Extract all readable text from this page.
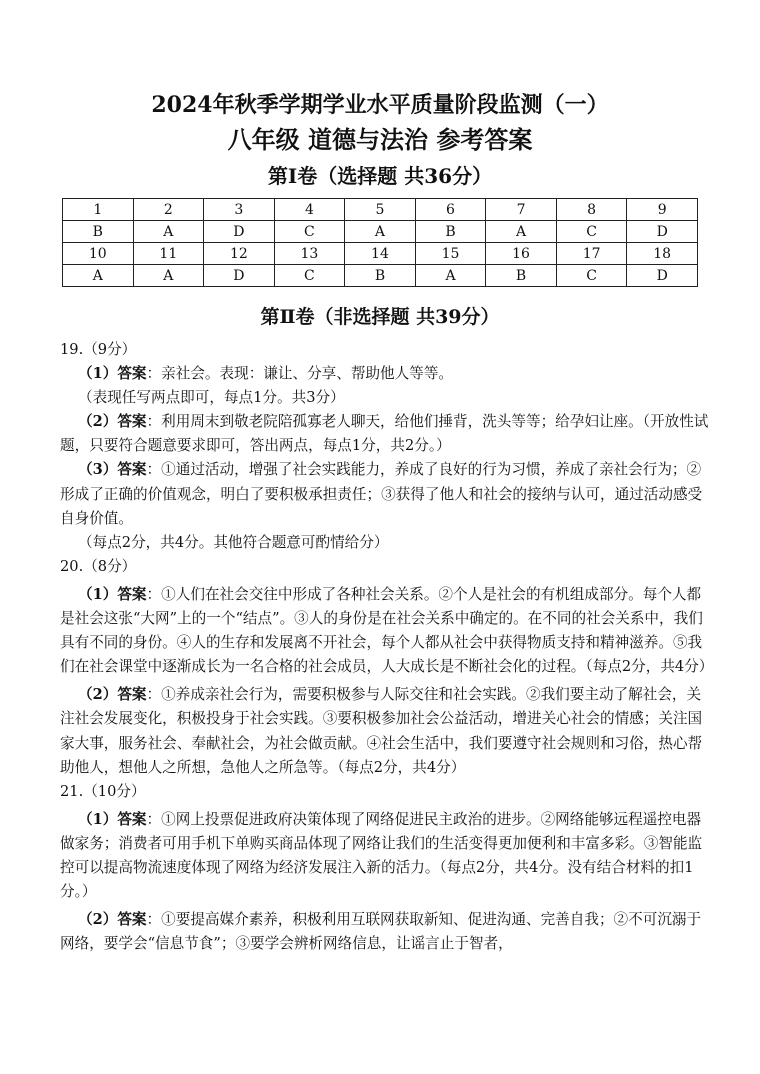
2024年秋季学期学业水平质量阶段监测（一）
八年级 道德与法治 参考答案
第Ⅰ卷（选择题 共36分）
1	2	3	4	5	6	7	8	9
B	A	D	C	A	B	A	C	D
10	11	12	13	14	15	16	17	18
A	A	D	C	B	A	B	C	D
第Ⅱ卷（非选择题 共39分）

19.（9分）

（1）答案：亲社会。表现：谦让、分享、帮助他人等等。

（表现任写两点即可，每点1分。共3分）

（2）答案：利用周末到敬老院陪孤寡老人聊天，给他们捶背，洗头等等；给孕妇让座。（开放性试题，只要符合题意要求即可，答出两点，每点1分，共2分。）

（3）答案：①通过活动，增强了社会实践能力，养成了良好的行为习惯，养成了亲社会行为；②形成了正确的价值观念，明白了要积极承担责任；③获得了他人和社会的接纳与认可，通过活动感受自身价值。

（每点2分，共4分。其他符合题意可酌情给分）

20.（8分）

（1）答案：①人们在社会交往中形成了各种社会关系。②个人是社会的有机组成部分。每个人都是社会这张“大网”上的一个“结点”。③人的身份是在社会关系中确定的。在不同的社会关系中，我们具有不同的身份。④人的生存和发展离不开社会，每个人都从社会中获得物质支持和精神滋养。⑤我们在社会课堂中逐渐成长为一名合格的社会成员，人大成长是不断社会化的过程。（每点2分，共4分）

（2）答案：①养成亲社会行为，需要积极参与人际交往和社会实践。②我们要主动了解社会，关注社会发展变化，积极投身于社会实践。③要积极参加社会公益活动，增进关心社会的情感；关注国家大事，服务社会、奉献社会，为社会做贡献。④社会生活中，我们要遵守社会规则和习俗，热心帮助他人，想他人之所想，急他人之所急等。（每点2分，共4分）

21.（10分）

（1）答案：①网上投票促进政府决策体现了网络促进民主政治的进步。②网络能够远程遥控电器做家务；消费者可用手机下单购买商品体现了网络让我们的生活变得更加便利和丰富多彩。③智能监控可以提高物流速度体现了网络为经济发展注入新的活力。（每点2分，共4分。没有结合材料的扣1分。）

（2）答案：①要提高媒介素养，积极利用互联网获取新知、促进沟通、完善自我；②不可沉溺于网络，要学会“信息节食”；③要学会辨析网络信息，让谣言止于智者，
